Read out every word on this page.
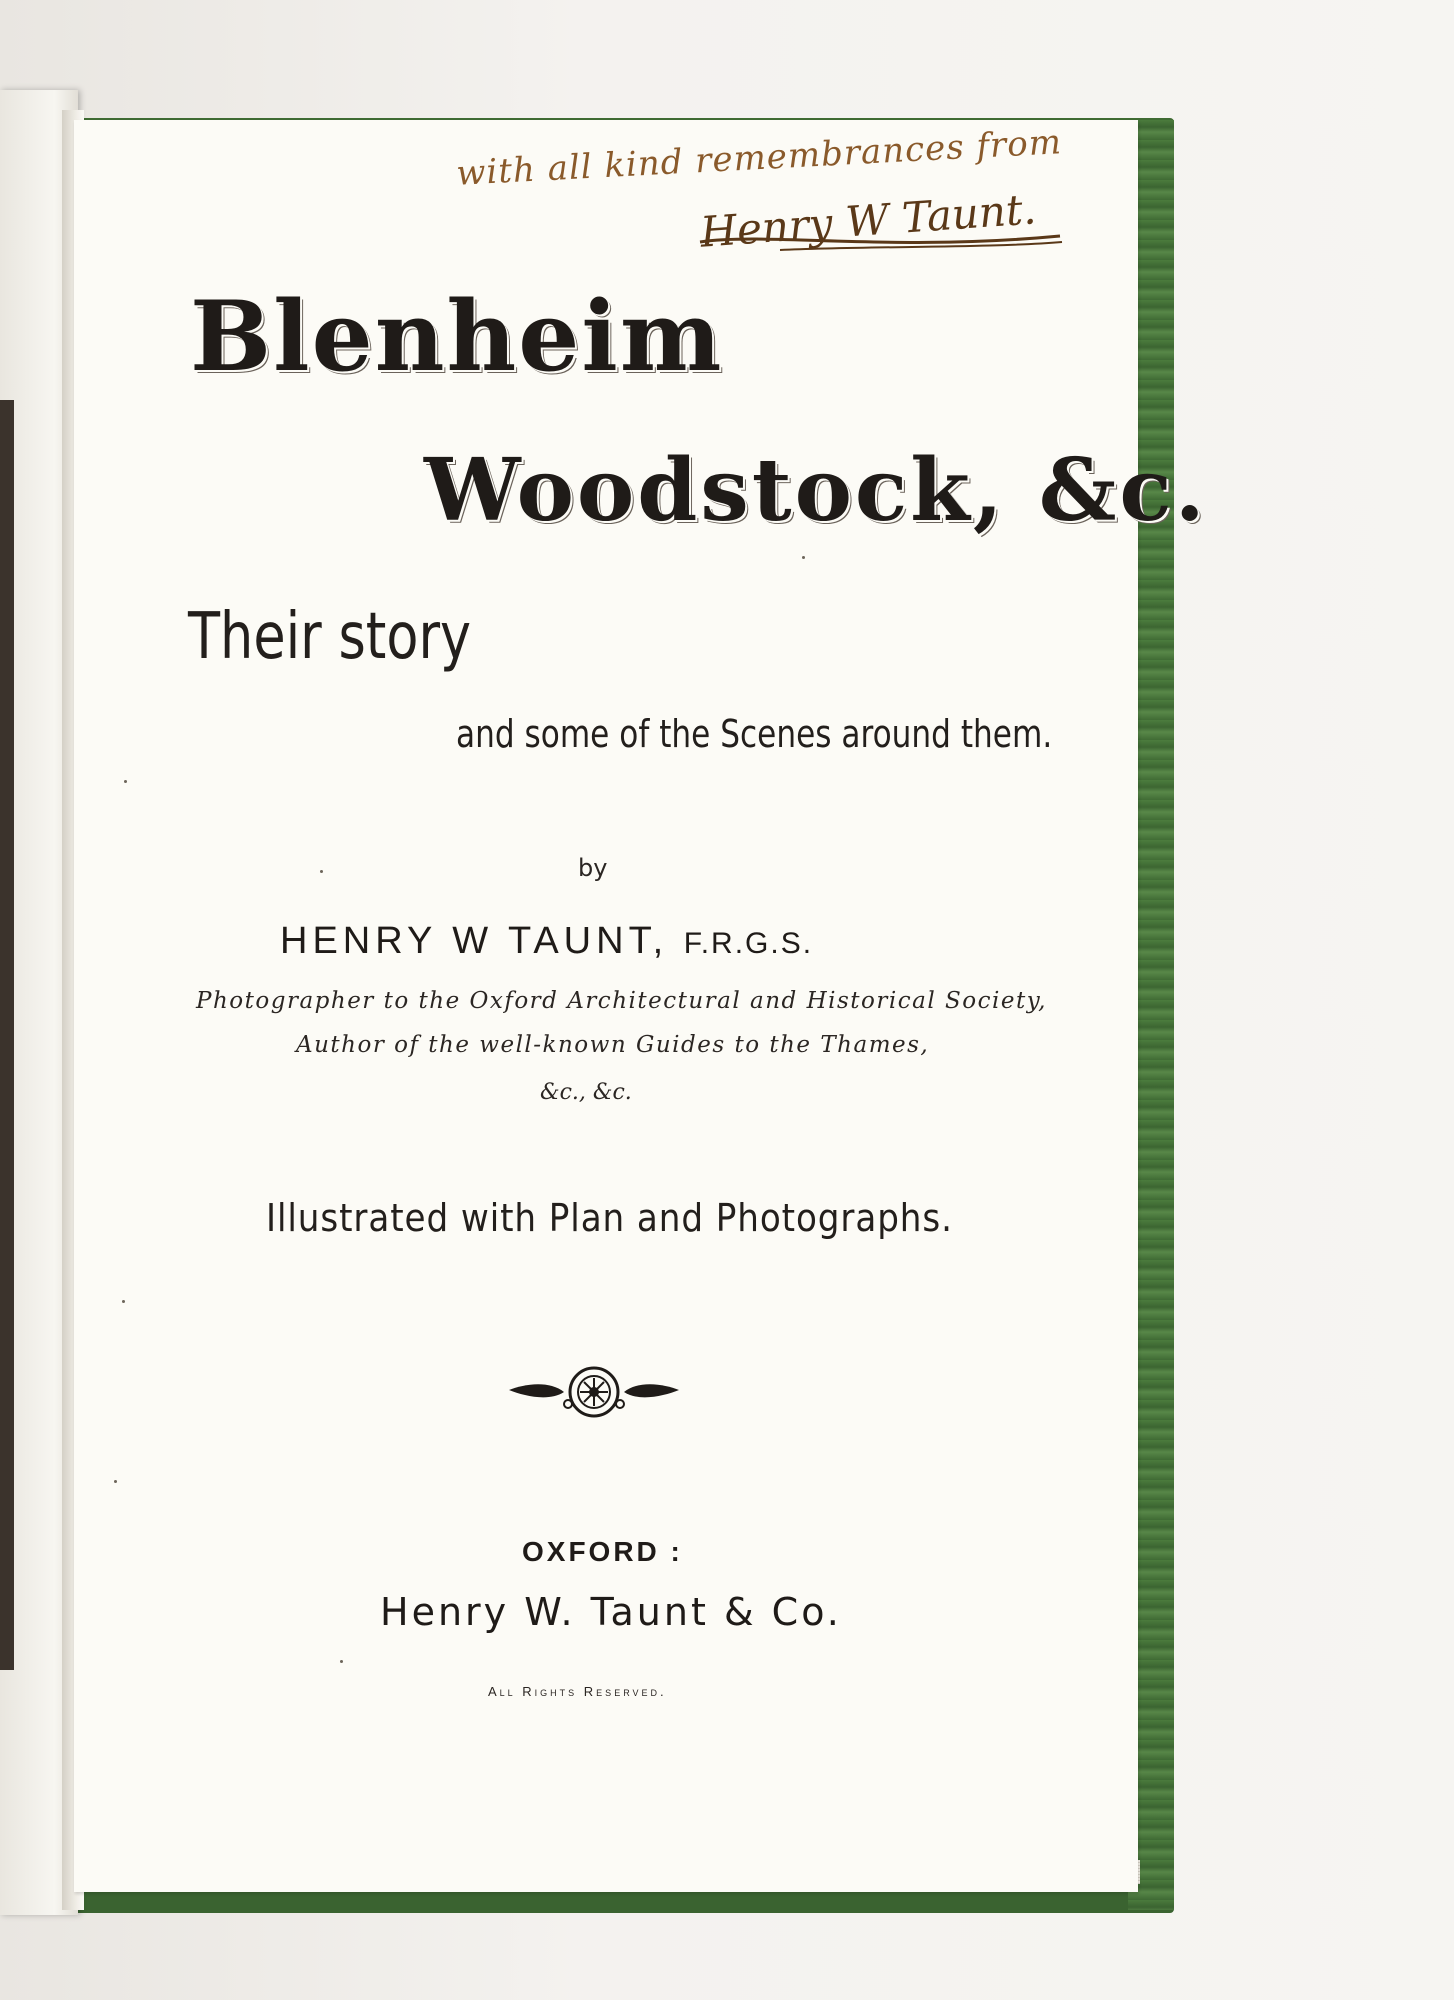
with all kind remembrances from

Henry W Taunt.

Blenheim

Woodstock, &c.

Their story

and some of the Scenes around them.

by

HENRY W TAUNT, F.R.G.S.

Photographer to the Oxford Architectural and Historical Society,

Author of the well-known Guides to the Thames,

&c., &c.

Illustrated with Plan and Photographs.

OXFORD :

Henry W. Taunt & Co.

All Rights Reserved.
